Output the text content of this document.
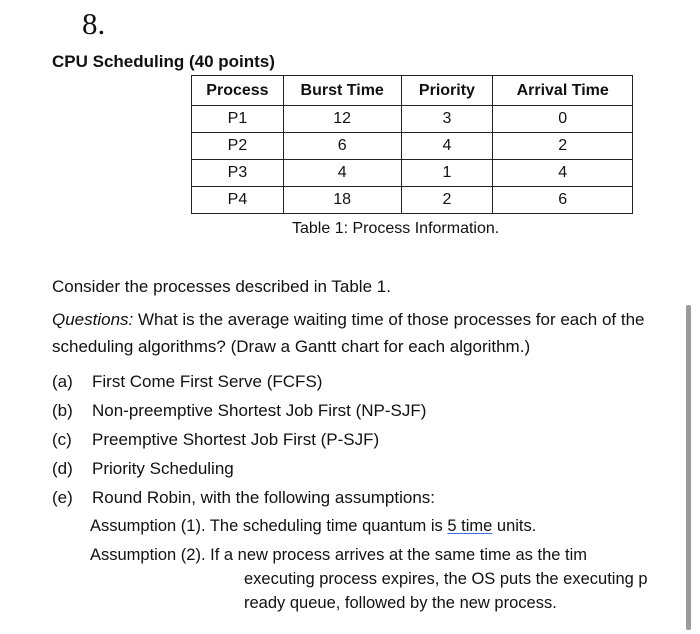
8.
CPU Scheduling (40 points)
Process	Burst Time	Priority	Arrival Time
P1	12	3	0
P2	6	4	2
P3	4	1	4
P4	18	2	6
Table 1: Process Information.
Consider the processes described in Table 1.
Questions: What is the average waiting time of those processes for each of the
scheduling algorithms? (Draw a Gantt chart for each algorithm.)
(a) First Come First Serve (FCFS)
(b) Non-preemptive Shortest Job First (NP-SJF)
(c) Preemptive Shortest Job First (P-SJF)
(d) Priority Scheduling
(e) Round Robin, with the following assumptions:
Assumption (1). The scheduling time quantum is 5 time units.
Assumption (2). If a new process arrives at the same time as the tim
executing process expires, the OS puts the executing p
ready queue, followed by the new process.
